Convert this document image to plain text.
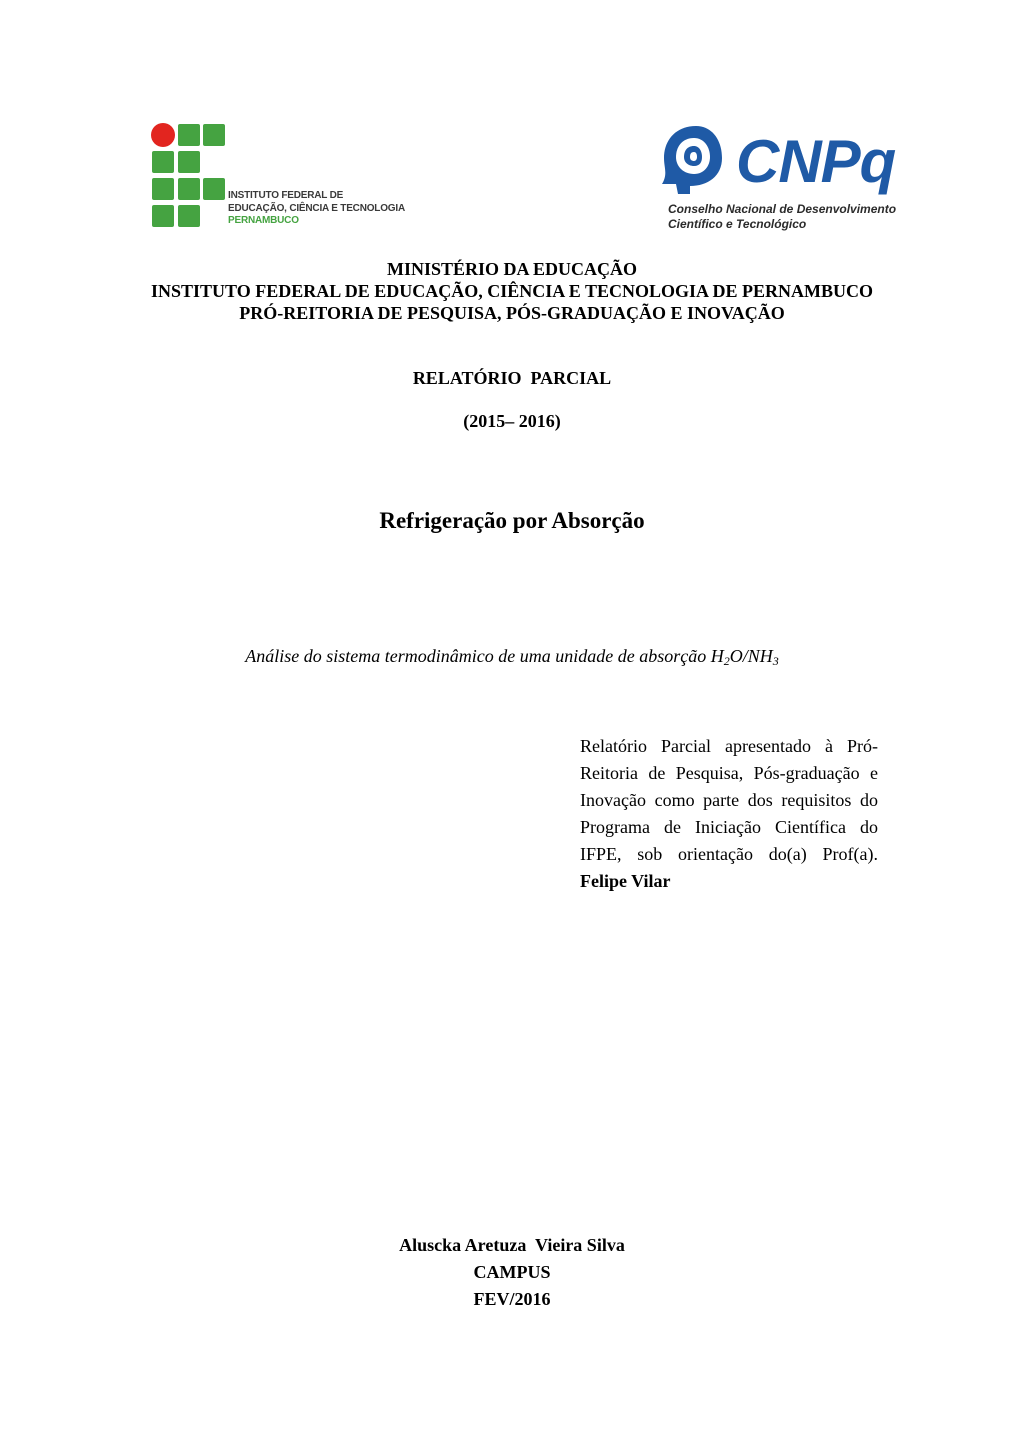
INSTITUTO FEDERAL DE
EDUCAÇÃO, CIÊNCIA E TECNOLOGIA
PERNAMBUCO
CNPq
Conselho Nacional de Desenvolvimento
Científico e Tecnológico
MINISTÉRIO DA EDUCAÇÃO
INSTITUTO FEDERAL DE EDUCAÇÃO, CIÊNCIA E TECNOLOGIA DE PERNAMBUCO
PRÓ-REITORIA DE PESQUISA, PÓS-GRADUAÇÃO E INOVAÇÃO
RELATÓRIO  PARCIAL
(2015– 2016)
Refrigeração por Absorção
Análise do sistema termodinâmico de uma unidade de absorção $H_2O/NH_3$
Relatório Parcial apresentado à Pró-Reitoria de Pesquisa, Pós-graduação e Inovação como parte dos requisitos do Programa de Iniciação Científica do IFPE, sob orientação do(a) Prof(a). Felipe Vilar
Aluscka Aretuza  Vieira Silva
CAMPUS
FEV/2016
